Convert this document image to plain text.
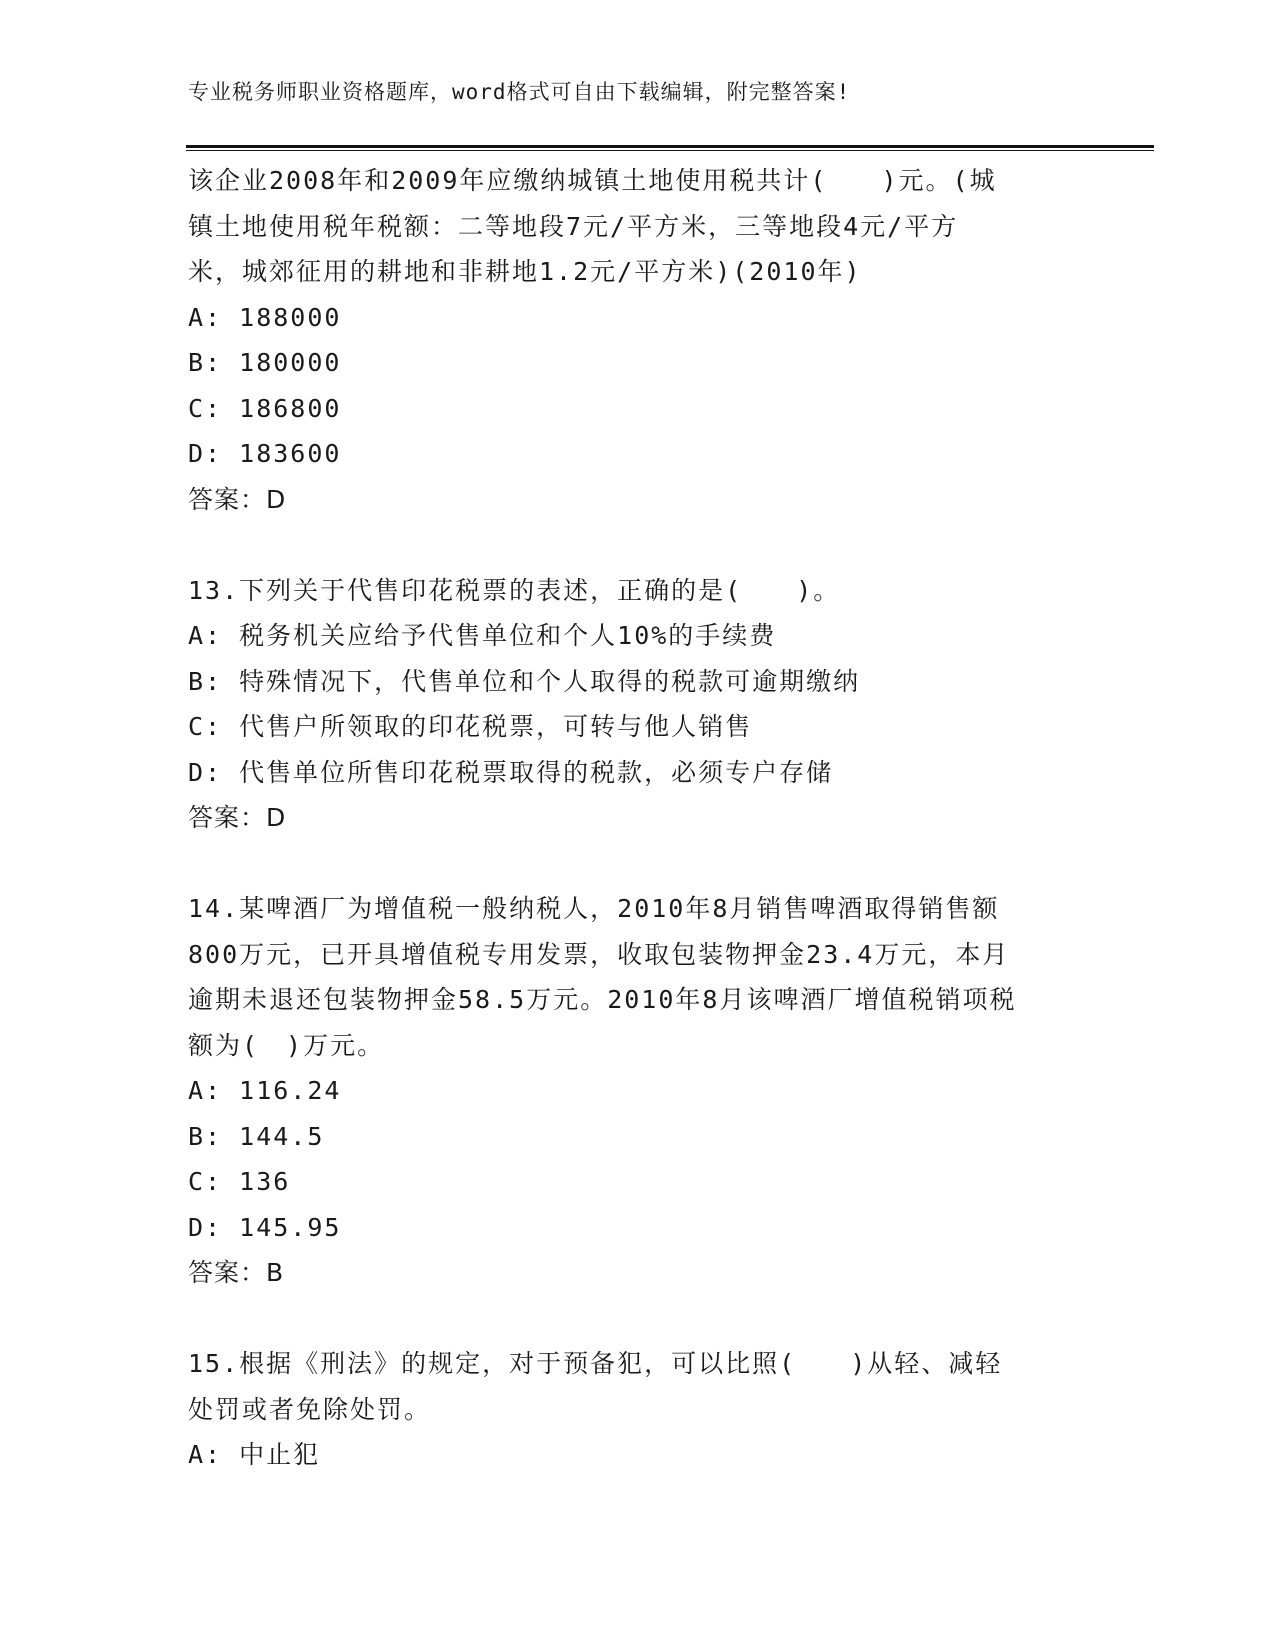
专业税务师职业资格题库，word格式可自由下载编辑，附完整答案!
该企业2008年和2009年应缴纳城镇土地使用税共计(　　)元。(城
镇土地使用税年税额：二等地段7元/平方米，三等地段4元/平方
米，城郊征用的耕地和非耕地1.2元/平方米)(2010年)
A: 188000
B: 180000
C: 186800
D: 183600
答案：D
13.下列关于代售印花税票的表述，正确的是(　　)。
A: 税务机关应给予代售单位和个人10%的手续费
B: 特殊情况下，代售单位和个人取得的税款可逾期缴纳
C: 代售户所领取的印花税票，可转与他人销售
D: 代售单位所售印花税票取得的税款，必须专户存储
答案：D
14.某啤酒厂为增值税一般纳税人，2010年8月销售啤酒取得销售额
800万元，已开具增值税专用发票，收取包装物押金23.4万元，本月
逾期未退还包装物押金58.5万元。2010年8月该啤酒厂增值税销项税
额为(　)万元。
A: 116.24
B: 144.5
C: 136
D: 145.95
答案：B
15.根据《刑法》的规定，对于预备犯，可以比照(　　)从轻、减轻
处罚或者免除处罚。
A: 中止犯
